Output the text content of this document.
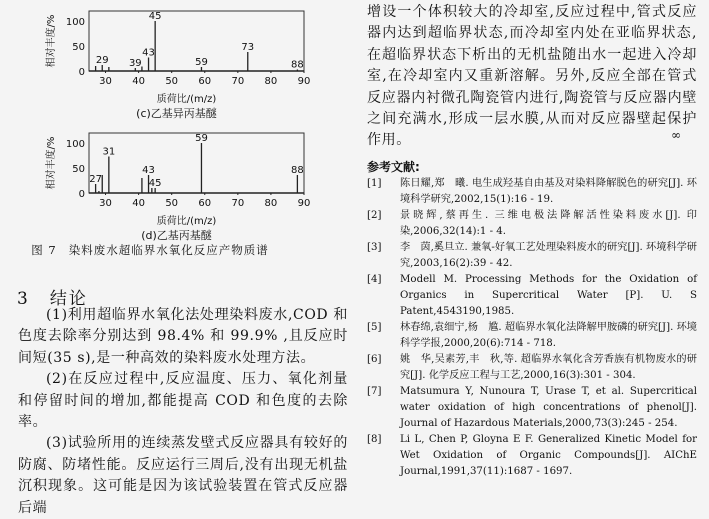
30 40 50 60 70 80 90
0
50
100
相对丰度/%
质荷比/(m/z)
(c)乙基异丙基醚
29 39
43
45
59
73
88
30 40 50 60 70 80 90
0
50
100
相对丰度/%
质荷比/(m/z)
(d)乙基丙基醚
27
31
43
45
59
88
图 7 染料废水超临界水氧化反应产物质谱
3 结论

(1)利用超临界水氧化法处理染料废水,COD 和色度去除率分别达到 98.4% 和 99.9% ,且反应时间短(35 s),是一种高效的染料废水处理方法。

(2)在反应过程中,反应温度、压力、氧化剂量和停留时间的增加,都能提高 COD 和色度的去除率。

(3)试验所用的连续蒸发壁式反应器具有较好的防腐、防堵性能。反应运行三周后,没有出现无机盐沉积现象。这可能是因为该试验装置在管式反应器后端

增设一个体积较大的冷却室,反应过程中,管式反应器内达到超临界状态,而冷却室内处在亚临界状态,在超临界状态下析出的无机盐随出水一起进入冷却室,在冷却室内又重新溶解。另外,反应全部在管式反应器内衬微孔陶瓷管内进行,陶瓷管与反应器内壁之间充满水,形成一层水膜,从而对反应器壁起保护作用。	∞
参考文献:
[1]	陈日耀,郑　曦. 电生成羟基自由基及对染料降解脱色的研究[J]. 环境科学研究,2002,15(1):16 - 19.
[2]	景晓辉,蔡再生. 三维电极法降解活性染料废水[J]. 印染,2006,32(14):1 - 4.
[3]	李　茵,奚旦立. 兼氧-好氧工艺处理染料废水的研究[J]. 环境科学研究,2003,16(2):39 - 42.
[4]	Modell M. Processing Methods for the Oxidation of Organics in Supercritical Water [P]. U. S Patent,4543190,1985.
[5]	林春绵,袁细宁,杨　尴. 超临界水氧化法降解甲胺磷的研究[J]. 环境科学学报,2000,20(6):714 - 718.
[6]	姚　华,吴素芳,丰　秋,等. 超临界水氧化含芳香族有机物废水的研究[J]. 化学反应工程与工艺,2000,16(3):301 - 304.
[7]	Matsumura Y, Nunoura T, Urase T, et al. Supercritical water oxidation of high concentrations of phenol[J]. Journal of Hazardous Materials,2000,73(3):245 - 254.
[8]	Li L, Chen P, Gloyna E F. Generalized Kinetic Model for Wet Oxidation of Organic Compounds[J]. AIChE Journal,1991,37(11):1687 - 1697.
